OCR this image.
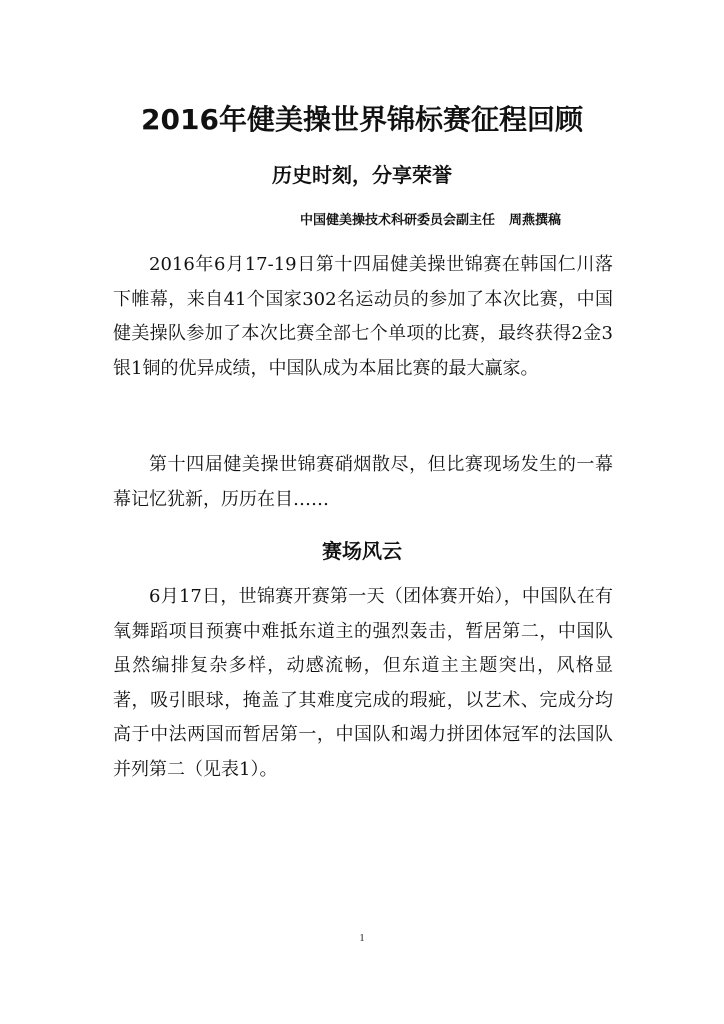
2016年健美操世界锦标赛征程回顾
历史时刻，分享荣誉
中国健美操技术科研委员会副主任 周燕撰稿

2016年6月17-19日第十四届健美操世锦赛在韩国仁川落下帷幕，来自41个国家302名运动员的参加了本次比赛，中国健美操队参加了本次比赛全部七个单项的比赛，最终获得2金3银1铜的优异成绩，中国队成为本届比赛的最大赢家。

第十四届健美操世锦赛硝烟散尽，但比赛现场发生的一幕幕记忆犹新，历历在目……

赛场风云

6月17日，世锦赛开赛第一天（团体赛开始），中国队在有氧舞蹈项目预赛中难抵东道主的强烈轰击，暂居第二，中国队虽然编排复杂多样，动感流畅，但东道主主题突出，风格显著，吸引眼球，掩盖了其难度完成的瑕疵，以艺术、完成分均高于中法两国而暂居第一，中国队和竭力拼团体冠军的法国队并列第二（见表1）。

1
